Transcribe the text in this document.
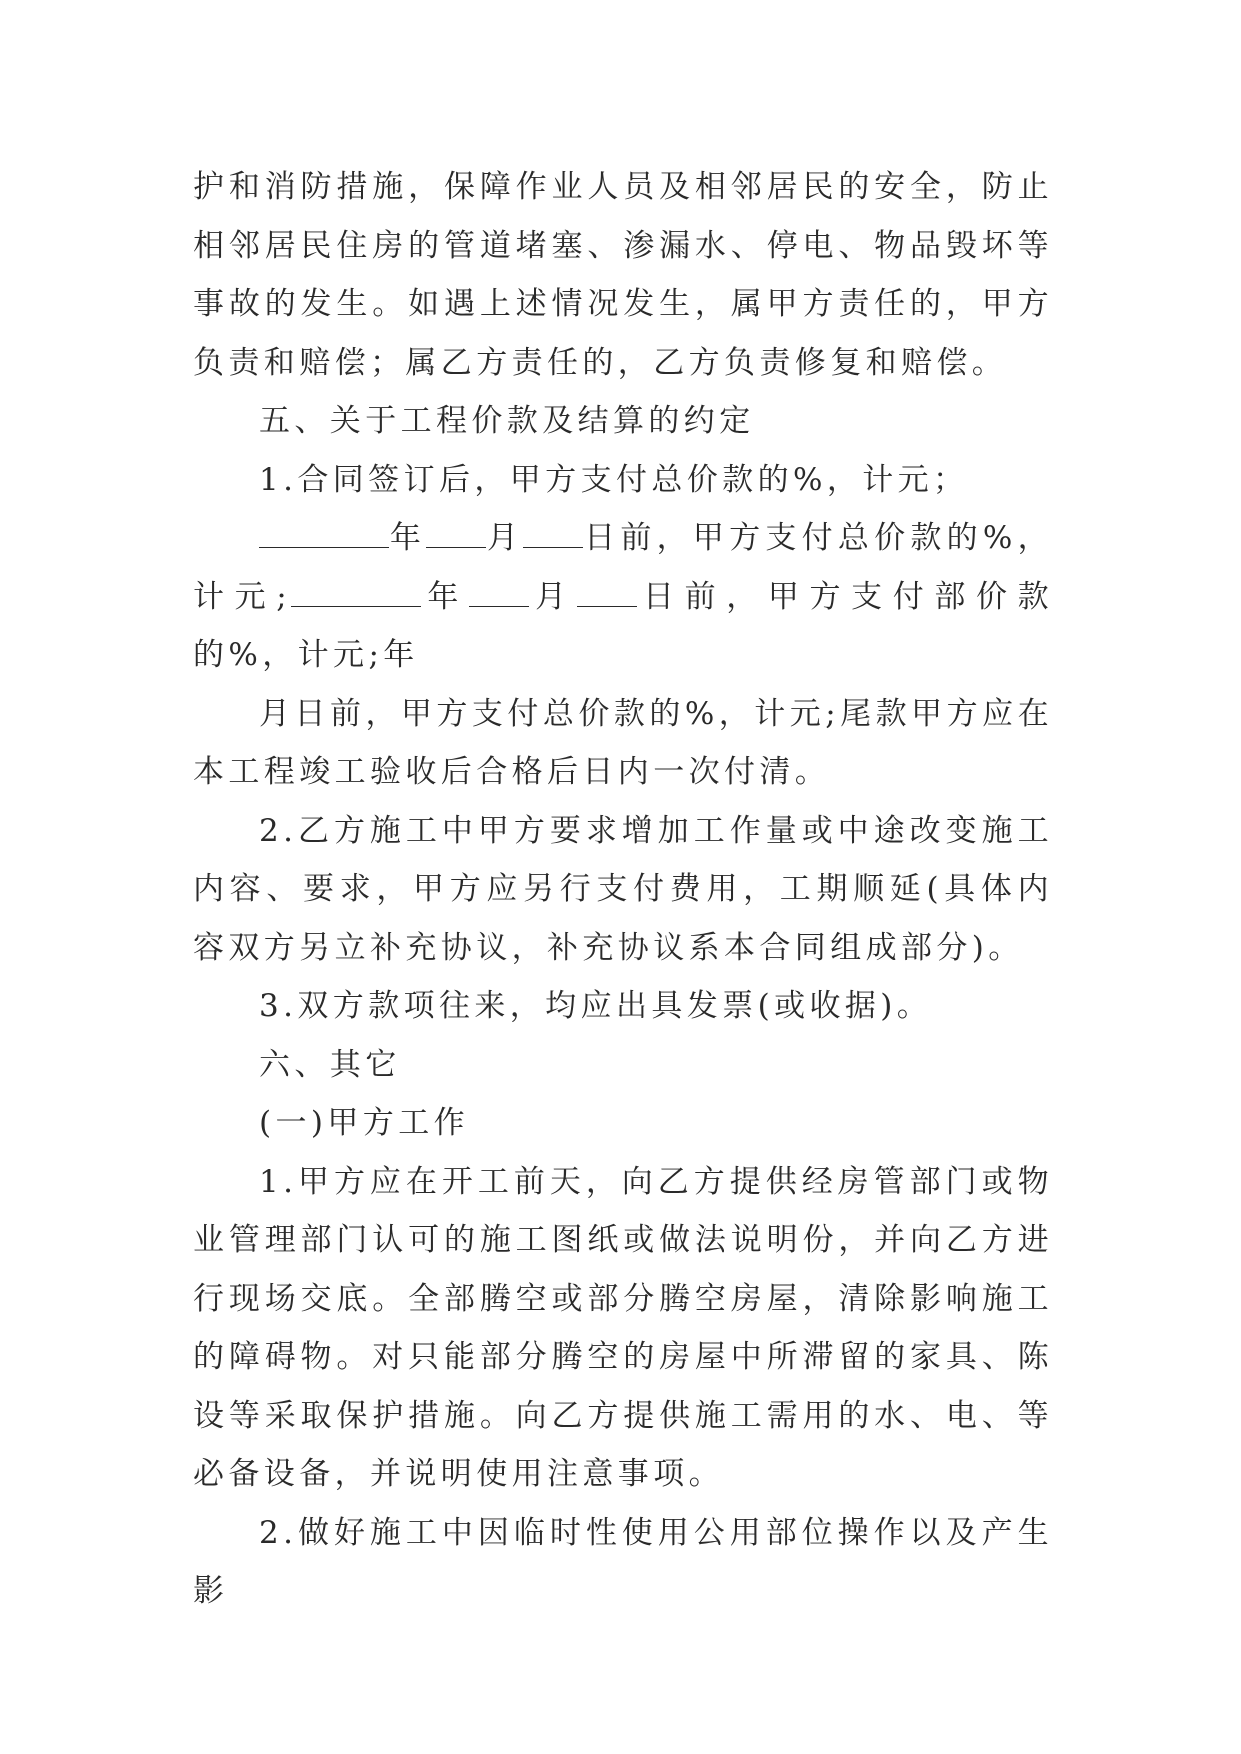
护和消防措施，保障作业人员及相邻居民的安全，防止相邻居民住房的管道堵塞、渗漏水、停电、物品毁坏等事故的发生。如遇上述情况发生，属甲方责任的，甲方负责和赔偿；属乙方责任的，乙方负责修复和赔偿。

五、关于工程价款及结算的约定

1.合同签订后，甲方支付总价款的%，计元；

年 月 日前，甲方支付总价款的%，计元;	年 月 日前，甲方支付部价款的%，计元;年

月日前，甲方支付总价款的%，计元;尾款甲方应在本工程竣工验收后合格后日内一次付清。

2.乙方施工中甲方要求增加工作量或中途改变施工内容、要求，甲方应另行支付费用，工期顺延(具体内容双方另立补充协议，补充协议系本合同组成部分)。

3.双方款项往来，均应出具发票(或收据)。

六、其它

(一)甲方工作

1.甲方应在开工前天，向乙方提供经房管部门或物业管理部门认可的施工图纸或做法说明份，并向乙方进行现场交底。全部腾空或部分腾空房屋，清除影响施工的障碍物。对只能部分腾空的房屋中所滞留的家具、陈设等采取保护措施。向乙方提供施工需用的水、电、等必备设备，并说明使用注意事项。

2.做好施工中因临时性使用公用部位操作以及产生影
